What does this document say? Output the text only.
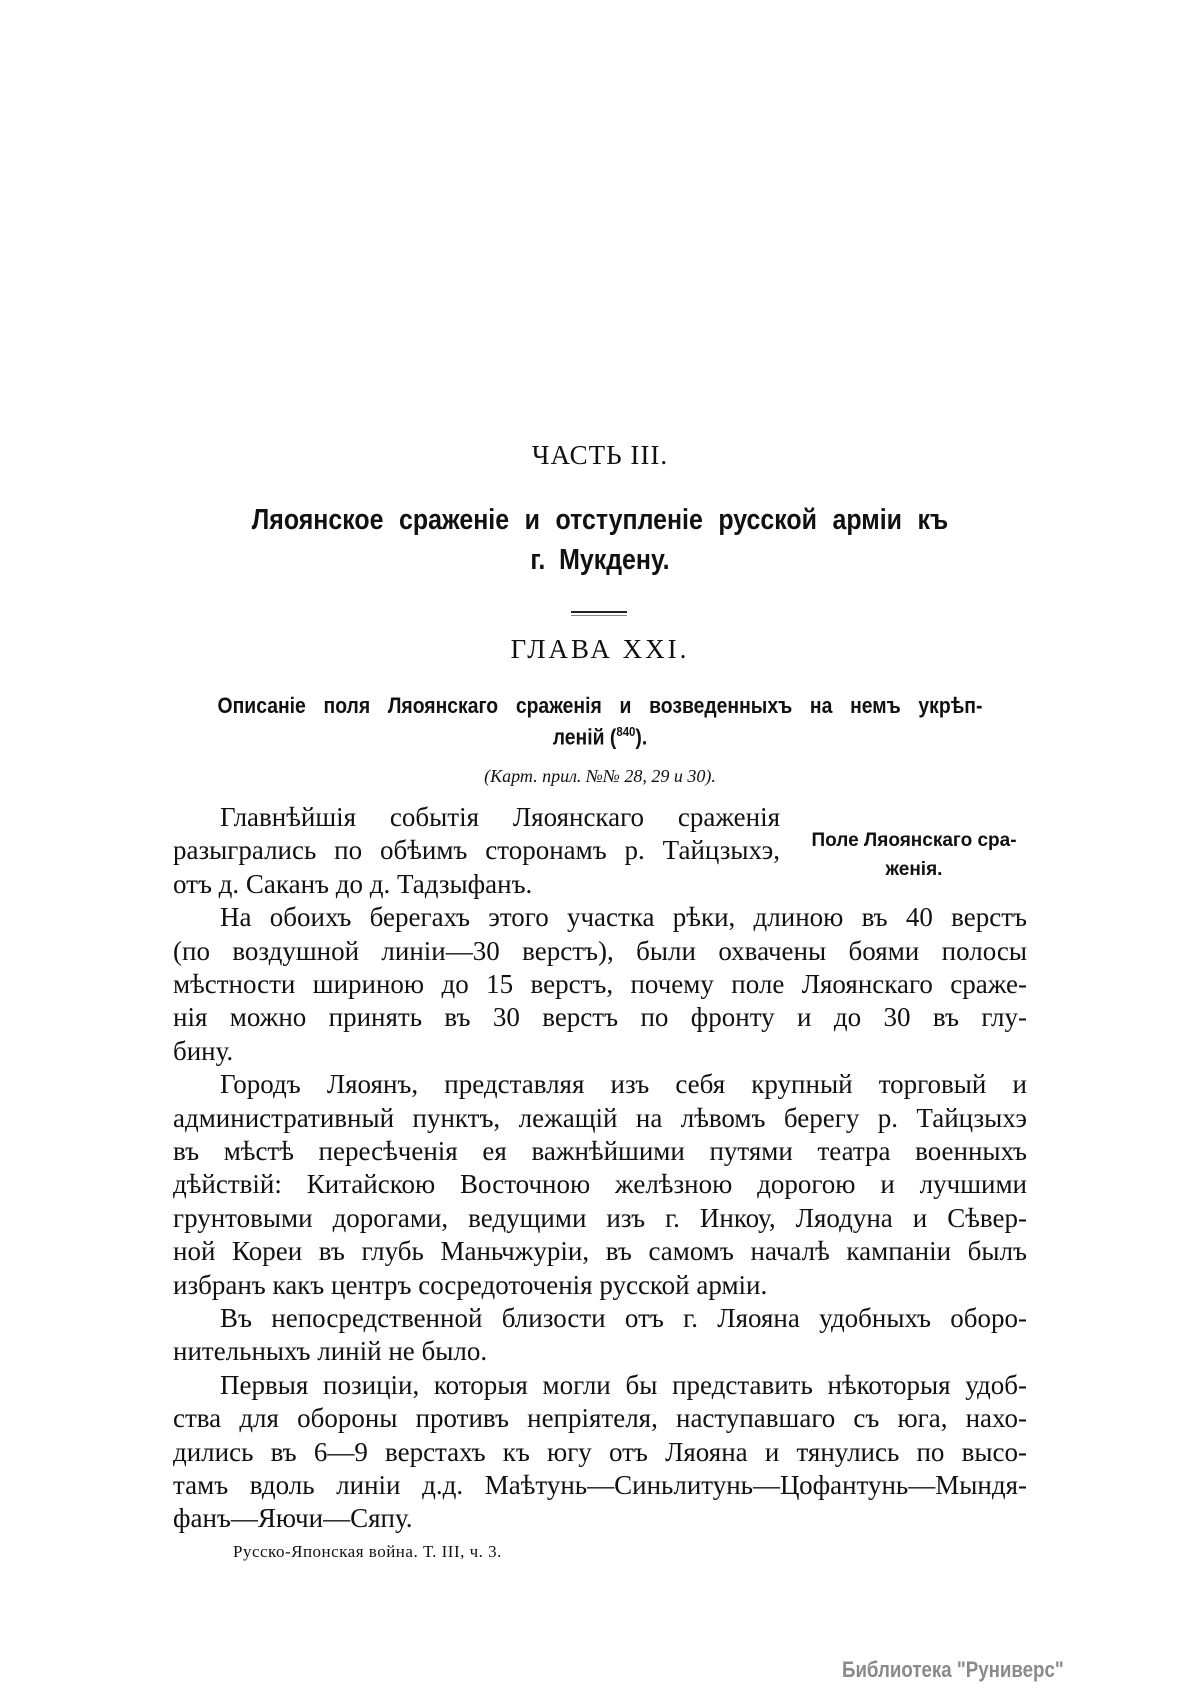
ЧАСТЬ III.
Ляоянское сраженіе и отступленіе русской арміи къ
г. Мукдену.
ГЛАВА XXI.
Описаніе поля Ляоянскаго сраженія и возведенныхъ на немъ укрѣп-
леній ($^{840}$).
(Карт. прил. №№ 28, 29 и 30).
Поле Ляоянскаго сра-
женія.
Главнѣйшія событія Ляоянскаго сраженія
разыгрались по обѣимъ сторонамъ р. Тайцзыхэ,
отъ д. Саканъ до д. Тадзыфанъ.
На обоихъ берегахъ этого участка рѣки, длиною въ 40 верстъ
(по воздушной линіи—30 верстъ), были охвачены боями полосы
мѣстности шириною до 15 верстъ, почему поле Ляоянскаго сраже-
нія можно принять въ 30 верстъ по фронту и до 30 въ глу-
бину.
Городъ Ляоянъ, представляя изъ себя крупный торговый и
административный пунктъ, лежащій на лѣвомъ берегу р. Тайцзыхэ
въ мѣстѣ пересѣченія ея важнѣйшими путями театра военныхъ
дѣйствій: Китайскою Восточною желѣзною дорогою и лучшими
грунтовыми дорогами, ведущими изъ г. Инкоу, Ляодуна и Сѣвер-
ной Кореи въ глубь Маньчжуріи, въ самомъ началѣ кампаніи былъ
избранъ какъ центръ сосредоточенія русской арміи.
Въ непосредственной близости отъ г. Ляояна удобныхъ оборо-
нительныхъ линій не было.
Первыя позиціи, которыя могли бы представить нѣкоторыя удоб-
ства для обороны противъ непріятеля, наступавшаго съ юга, нахо-
дились въ 6—9 верстахъ къ югу отъ Ляояна и тянулись по высо-
тамъ вдоль линіи д.д. Маѣтунь—Синьлитунь—Цофантунь—Мындя-
фанъ—Яючи—Сяпу.
Русско-Японская война. Т. III, ч. 3.
Библиотека "Руниверс"
